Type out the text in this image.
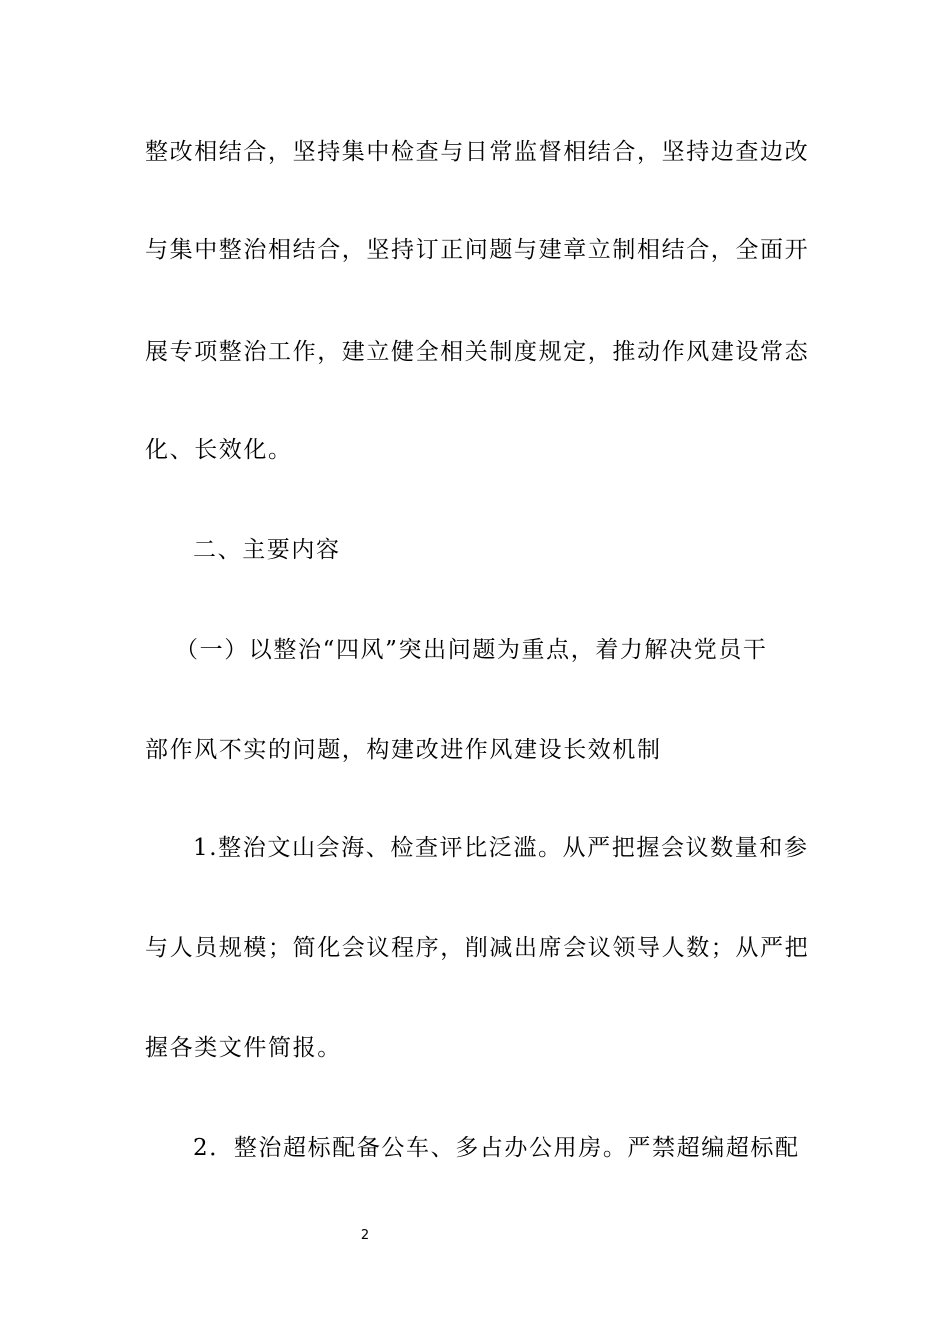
整改相结合，坚持集中检查与日常监督相结合，坚持边查边改
与集中整治相结合，坚持订正问题与建章立制相结合，全面开
展专项整治工作，建立健全相关制度规定，推动作风建设常态
化、长效化。
二、主要内容
（一）以整治“四风”突出问题为重点，着力解决党员干
部作风不实的问题，构建改进作风建设长效机制
1.整治文山会海、检查评比泛滥。从严把握会议数量和参
与人员规模；简化会议程序，削减出席会议领导人数；从严把
握各类文件简报。
2．整治超标配备公车、多占办公用房。严禁超编超标配
2
